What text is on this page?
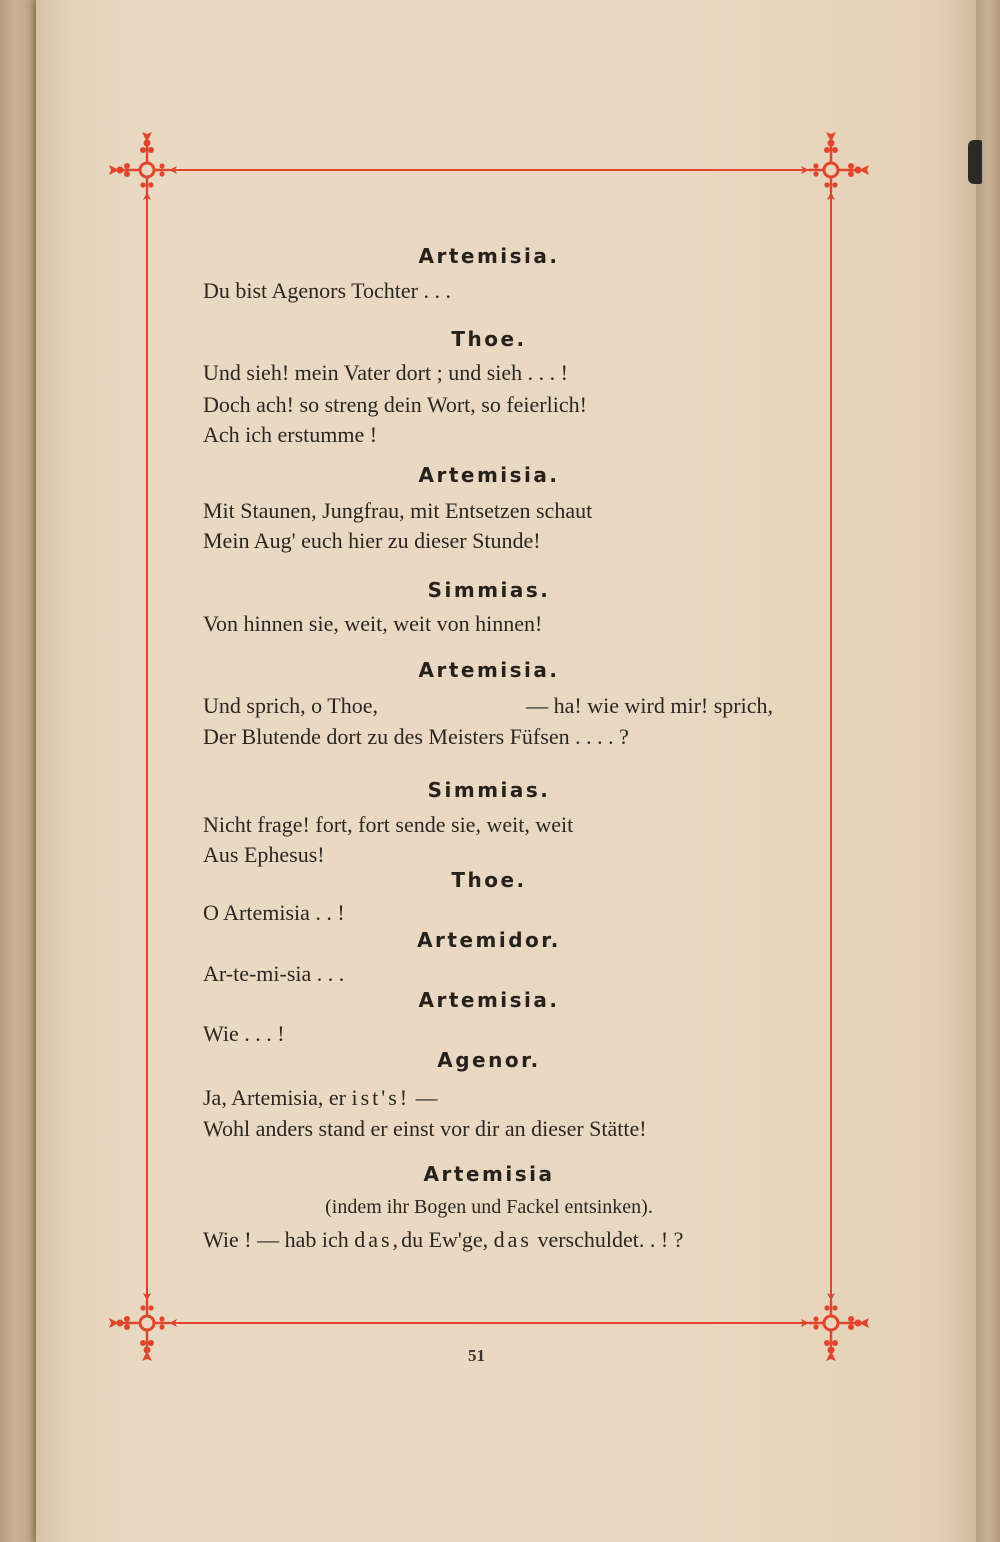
Artemisia.

Du bist Agenors Tochter . . .

Thoe.

Und sieh! mein Vater dort ; und sieh . . . !

Doch ach! so streng dein Wort, so feierlich!

Ach ich erstumme !

Artemisia.

Mit Staunen, Jungfrau, mit Entsetzen schaut

Mein Aug' euch hier zu dieser Stunde!

Simmias.

Von hinnen sie, weit, weit von hinnen!

Artemisia.

Und sprich, o Thoe,	— ha! wie wird mir! sprich,

Der Blutende dort zu des Meisters Füfsen . . . . ?

Simmias.

Nicht frage! fort, fort sende sie, weit, weit

Aus Ephesus!

Thoe.

O Artemisia . . !

Artemidor.

Ar-te-mi-sia . . .

Artemisia.

Wie . . . !

Agenor.

Ja, Artemisia, er ist's! —

Wohl anders stand er einst vor dir an dieser Stätte!

Artemisia

(indem ihr Bogen und Fackel entsinken).

Wie ! — hab ich das,du Ew'ge, das verschuldet. . ! ?

51
